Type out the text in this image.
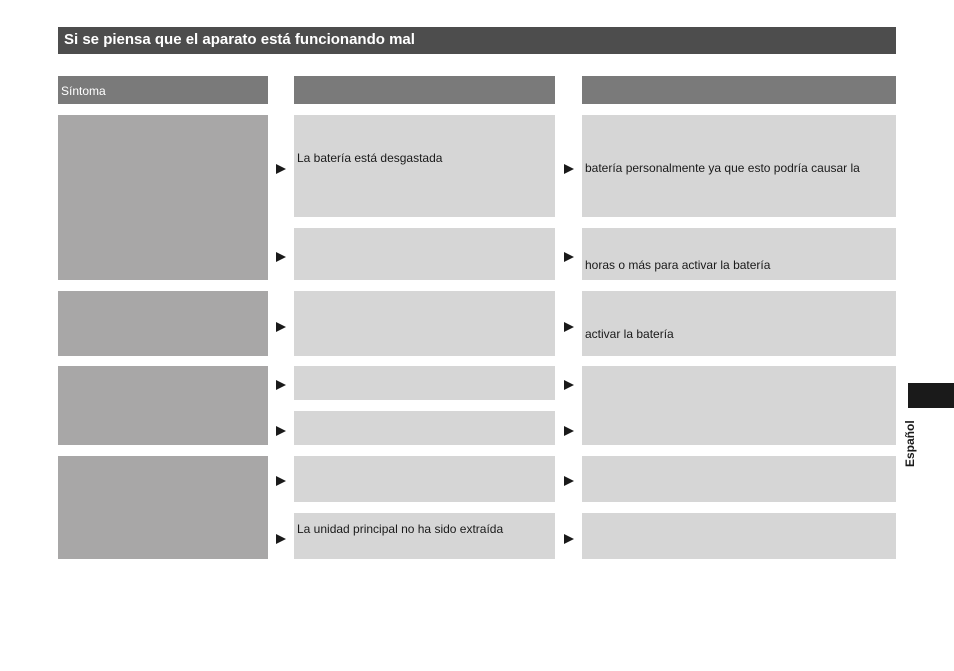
Si se piensa que el aparato está funcionando mal
Síntoma
La batería está desgastada
batería personalmente ya que esto podría causar la
horas o más para activar la batería
activar la batería
La unidad principal no ha sido extraída
Español
